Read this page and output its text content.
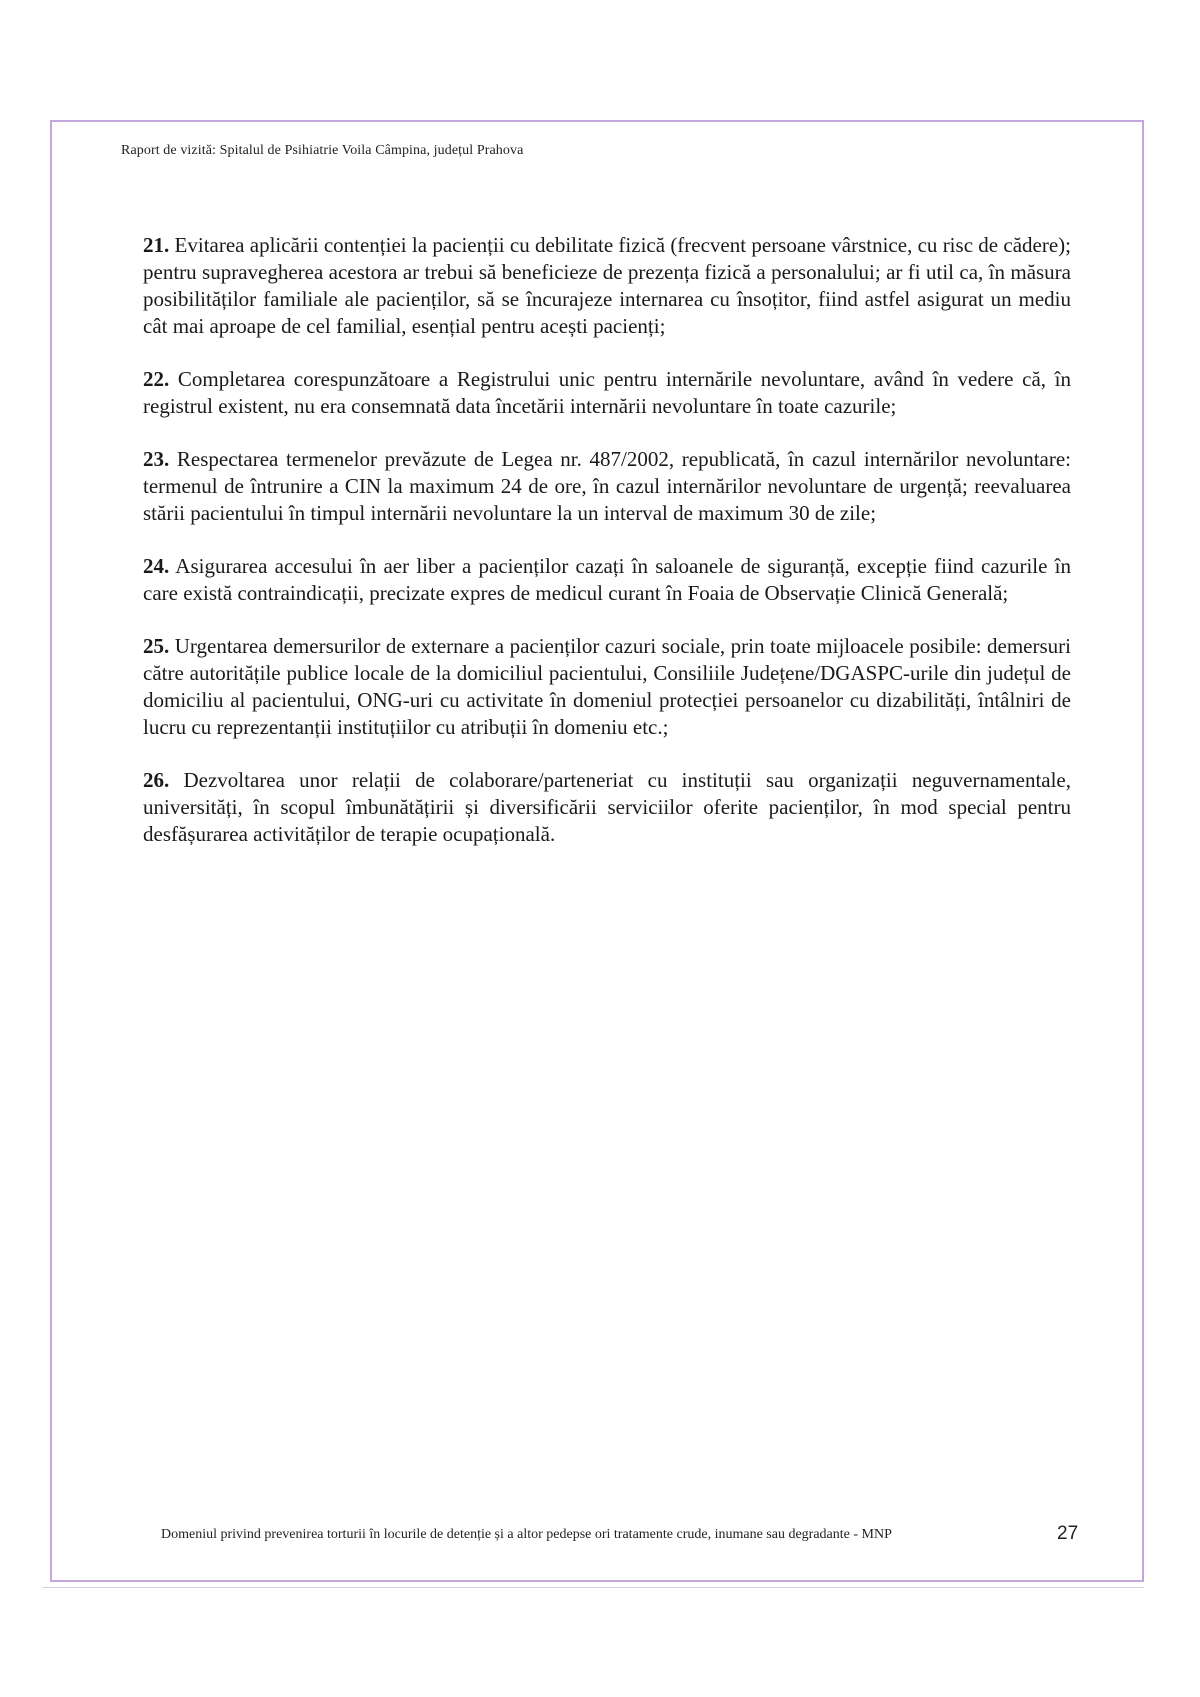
Raport de vizită: Spitalul de Psihiatrie Voila Câmpina, județul Prahova

21. Evitarea aplicării contenției la pacienții cu debilitate fizică (frecvent persoane vârstnice, cu risc de cădere); pentru supravegherea acestora ar trebui să beneficieze de prezența fizică a personalului; ar fi util ca, în măsura posibilităților familiale ale pacienților, să se încurajeze internarea cu însoțitor, fiind astfel asigurat un mediu cât mai aproape de cel familial, esențial pentru acești pacienți;

22. Completarea corespunzătoare a Registrului unic pentru internările nevoluntare, având în vedere că, în registrul existent, nu era consemnată data încetării internării nevoluntare în toate cazurile;

23. Respectarea termenelor prevăzute de Legea nr. 487/2002, republicată, în cazul internărilor nevoluntare: termenul de întrunire a CIN la maximum 24 de ore, în cazul internărilor nevoluntare de urgență; reevaluarea stării pacientului în timpul internării nevoluntare la un interval de maximum 30 de zile;

24. Asigurarea accesului în aer liber a pacienților cazați în saloanele de siguranță, excepție fiind cazurile în care există contraindicații, precizate expres de medicul curant în Foaia de Observație Clinică Generală;

25. Urgentarea demersurilor de externare a pacienților cazuri sociale, prin toate mijloacele posibile: demersuri către autoritățile publice locale de la domiciliul pacientului, Consiliile Județene/DGASPC-urile din județul de domiciliu al pacientului, ONG-uri cu activitate în domeniul protecției persoanelor cu dizabilități, întâlniri de lucru cu reprezentanții instituțiilor cu atribuții în domeniu etc.;

26. Dezvoltarea unor relații de colaborare/parteneriat cu instituții sau organizații neguvernamentale, universități, în scopul îmbunătățirii și diversificării serviciilor oferite pacienților, în mod special pentru desfășurarea activităților de terapie ocupațională.

Domeniul privind prevenirea torturii în locurile de detenție și a altor pedepse ori tratamente crude, inumane sau degradante - MNP	27
